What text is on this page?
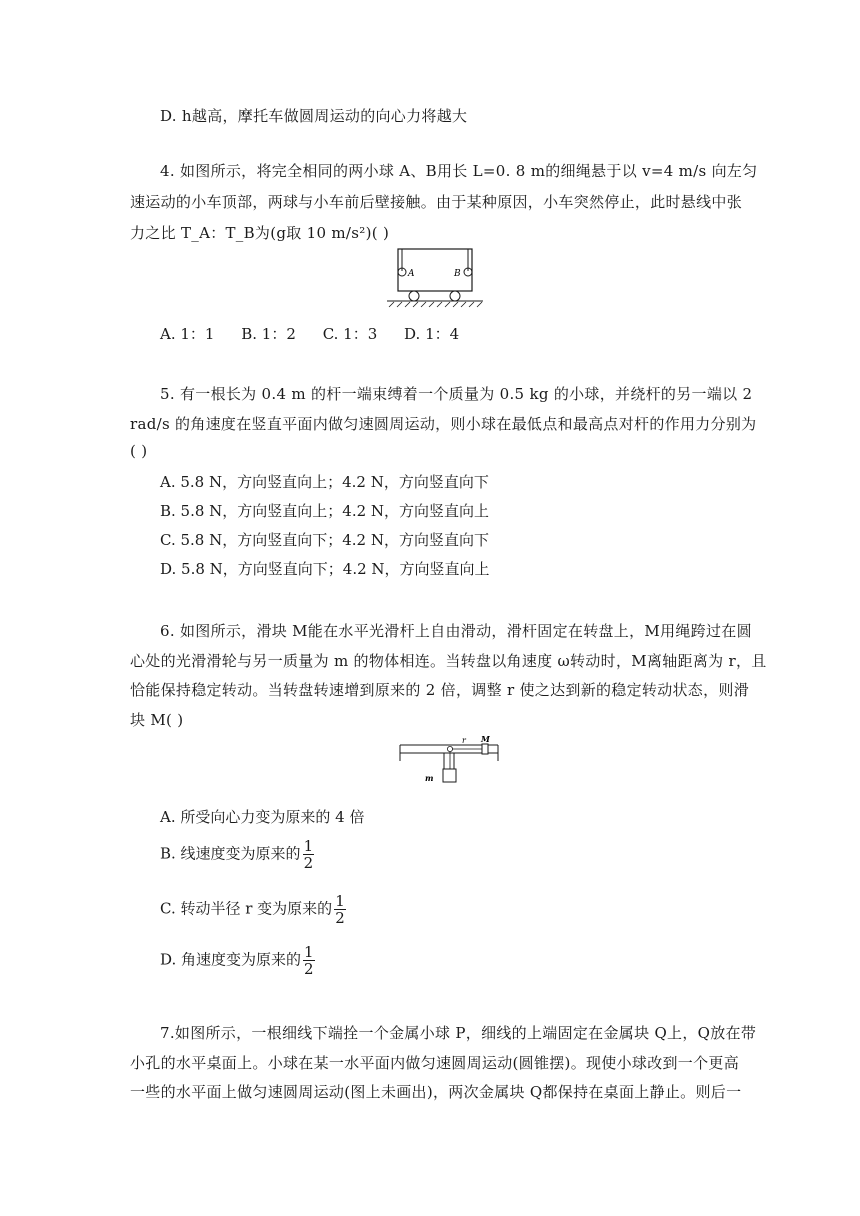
D. h越高，摩托车做圆周运动的向心力将越大
4. 如图所示，将完全相同的两小球 A、B用长 L=0. 8 m的细绳悬于以 v=4 m/s 向左匀
速运动的小车顶部，两球与小车前后壁接触。由于某种原因，小车突然停止，此时悬线中张
力之比 T_A：T_B为(g取 10 m/s²)( )
A	B
A. 1：1 B. 1：2 C. 1：3 D. 1：4
5. 有一根长为 0.4 m 的杆一端束缚着一个质量为 0.5 kg 的小球，并绕杆的另一端以 2
rad/s 的角速度在竖直平面内做匀速圆周运动，则小球在最低点和最高点对杆的作用力分别为
( )
A. 5.8 N，方向竖直向上；4.2 N，方向竖直向下
B. 5.8 N，方向竖直向上；4.2 N，方向竖直向上
C. 5.8 N，方向竖直向下；4.2 N，方向竖直向下
D. 5.8 N，方向竖直向下；4.2 N，方向竖直向上
6. 如图所示，滑块 M能在水平光滑杆上自由滑动，滑杆固定在转盘上，M用绳跨过在圆
心处的光滑滑轮与另一质量为 m 的物体相连。当转盘以角速度 ω转动时，M离轴距离为 r，且
恰能保持稳定转动。当转盘转速增到原来的 2 倍，调整 r 使之达到新的稳定转动状态，则滑
块 M( )
r M
m
A. 所受向心力变为原来的 4 倍
B. 线速度变为原来的 $\frac{1}{2}$
C. 转动半径 r 变为原来的 $\frac{1}{2}$
D. 角速度变为原来的 $\frac{1}{2}$
7.如图所示，一根细线下端拴一个金属小球 P，细线的上端固定在金属块 Q上，Q放在带
小孔的水平桌面上。小球在某一水平面内做匀速圆周运动(圆锥摆)。现使小球改到一个更高
一些的水平面上做匀速圆周运动(图上未画出)，两次金属块 Q都保持在桌面上静止。则后一
